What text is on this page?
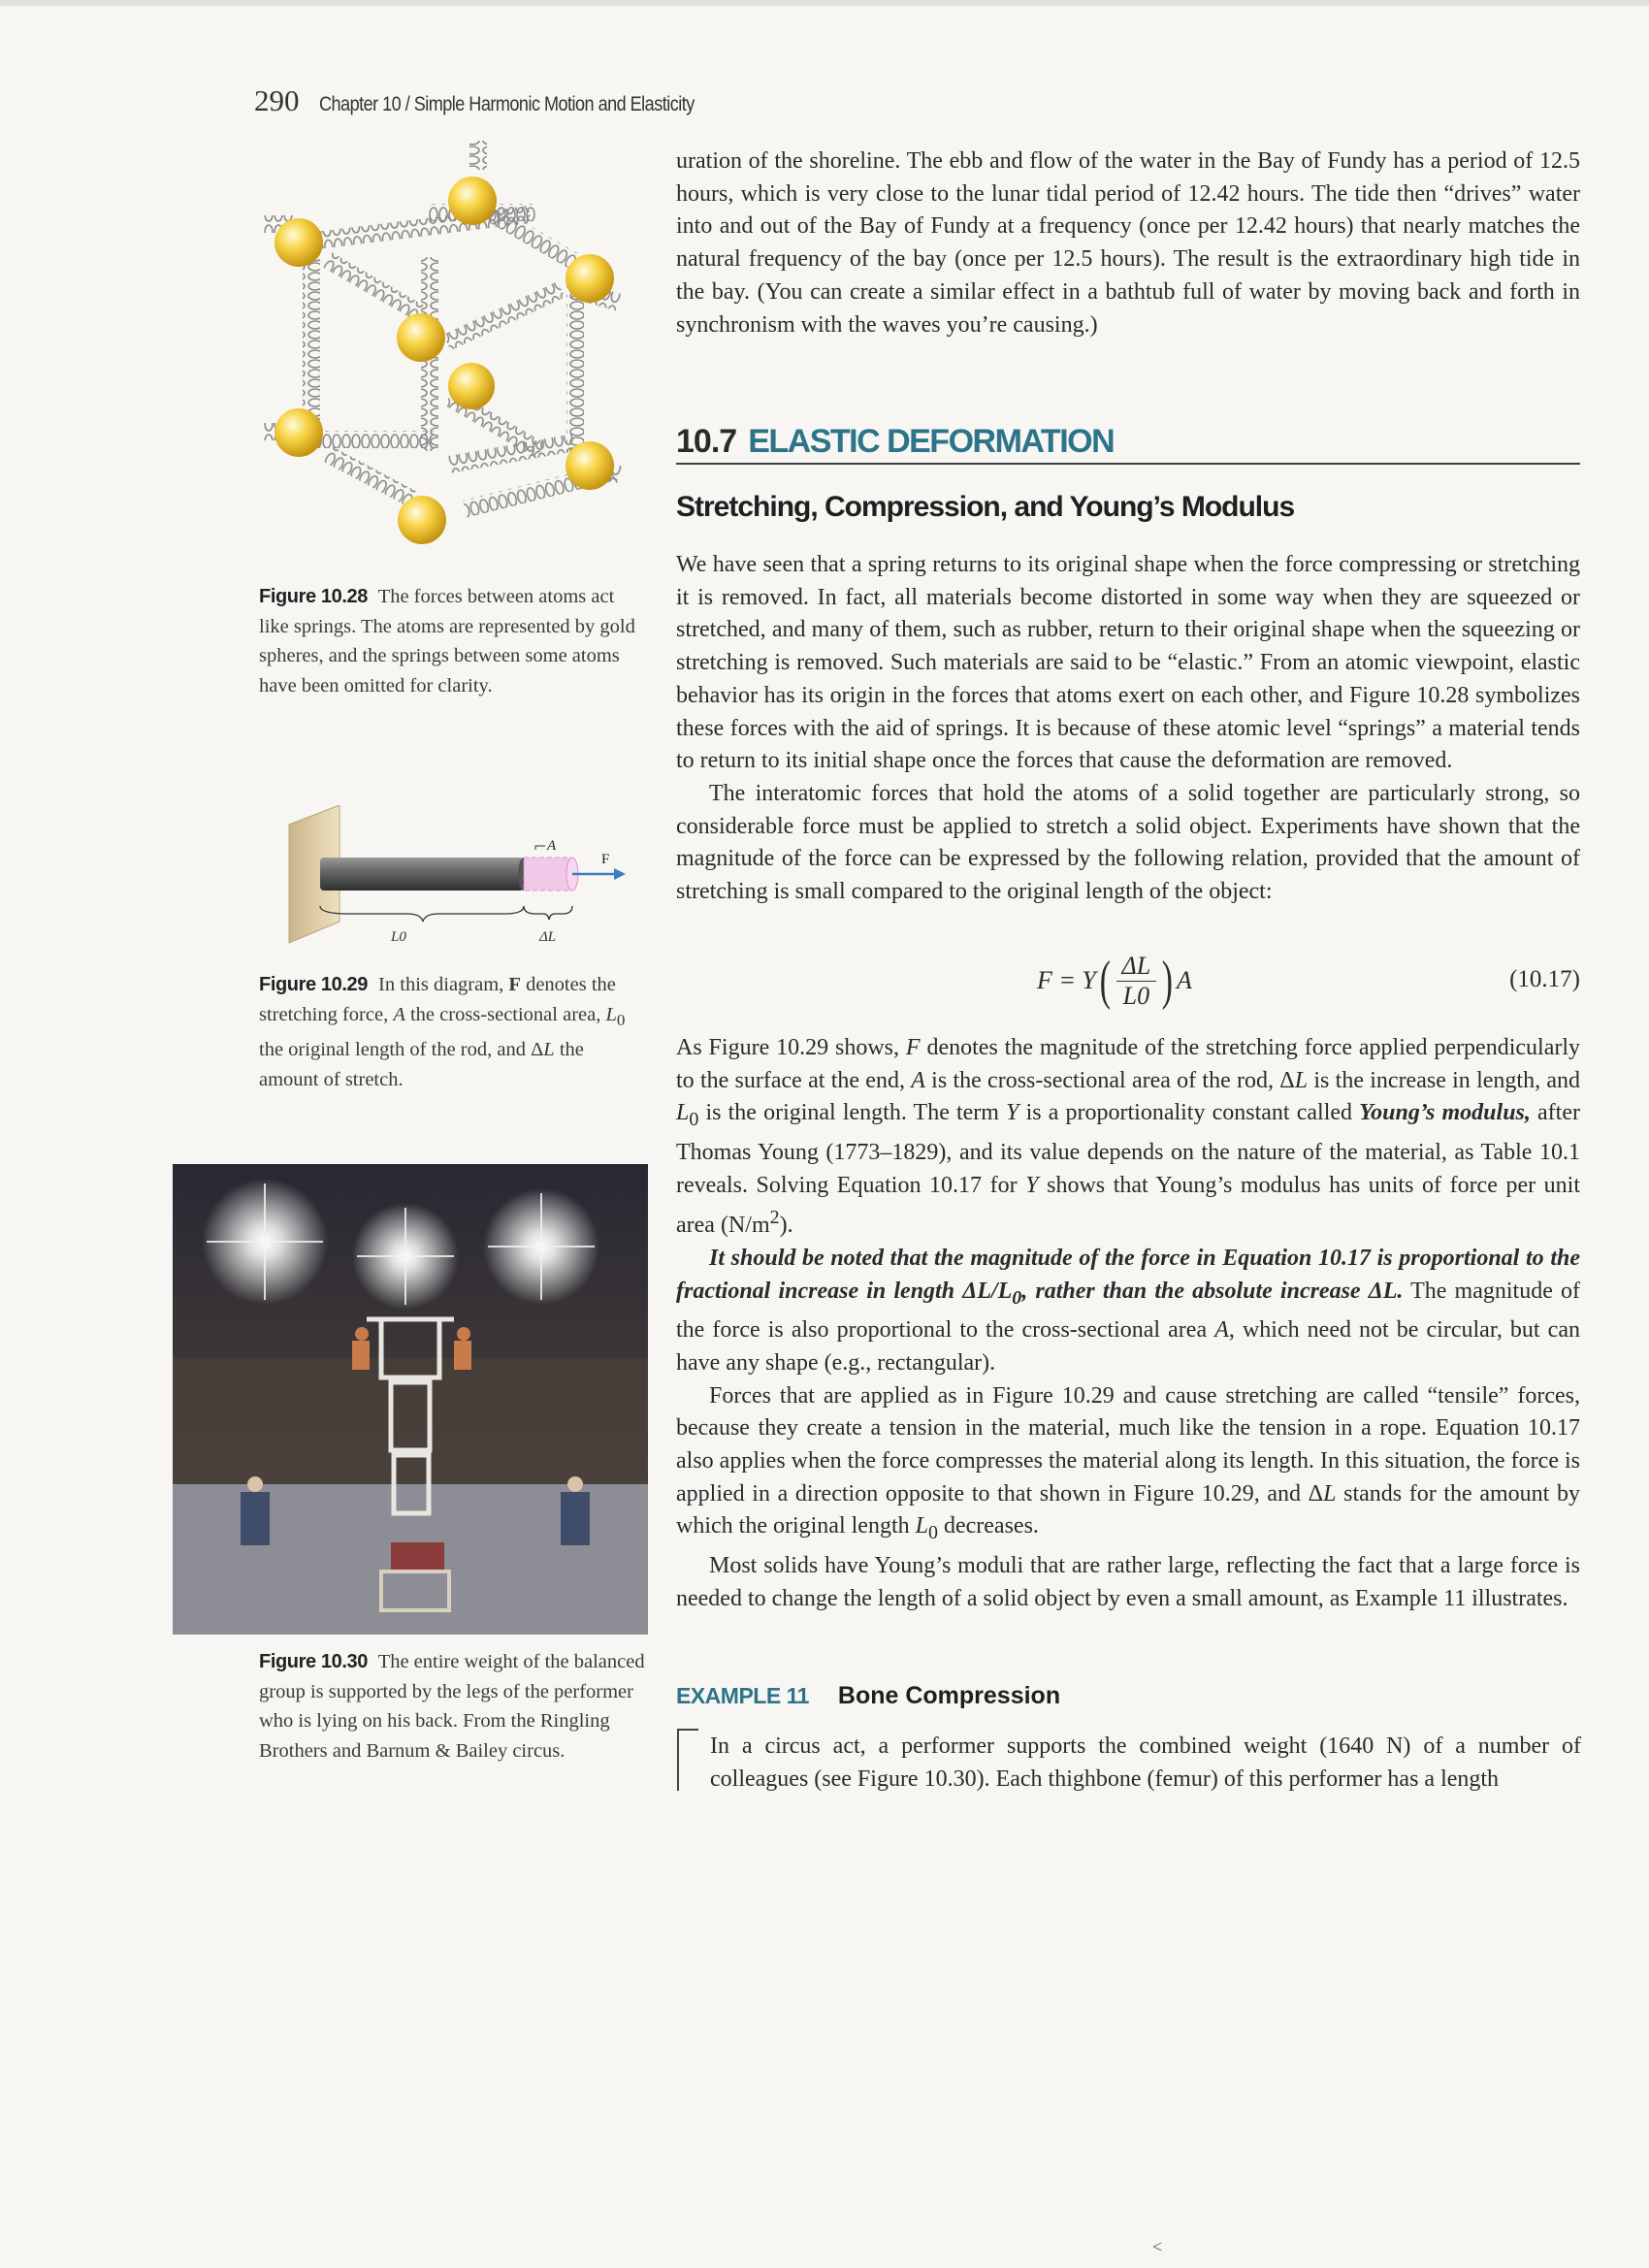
290 Chapter 10 / Simple Harmonic Motion and Elasticity
Figure 10.28 The forces between atoms act like springs. The atoms are represented by gold spheres, and the springs between some atoms have been omitted for clarity.
F
A
L0	ΔL
Figure 10.29 In this diagram, F denotes the stretching force, A the cross-sectional area, $L_0$ the original length of the rod, and ΔL the amount of stretch.
Figure 10.30 The entire weight of the balanced group is supported by the legs of the performer who is lying on his back. From the Ringling Brothers and Barnum & Bailey circus.

uration of the shoreline. The ebb and flow of the water in the Bay of Fundy has a period of 12.5 hours, which is very close to the lunar tidal period of 12.42 hours. The tide then “drives” water into and out of the Bay of Fundy at a frequency (once per 12.42 hours) that nearly matches the natural frequency of the bay (once per 12.5 hours). The result is the extraordinary high tide in the bay. (You can create a similar effect in a bathtub full of water by moving back and forth in synchronism with the waves you’re causing.)

10.7 ELASTIC DEFORMATION
Stretching, Compression, and Young’s Modulus

We have seen that a spring returns to its original shape when the force compressing or stretching it is removed. In fact, all materials become distorted in some way when they are squeezed or stretched, and many of them, such as rubber, return to their original shape when the squeezing or stretching is removed. Such materials are said to be “elastic.” From an atomic viewpoint, elastic behavior has its origin in the forces that atoms exert on each other, and Figure 10.28 symbolizes these forces with the aid of springs. It is because of these atomic level “springs” a material tends to return to its initial shape once the forces that cause the deformation are removed.

The interatomic forces that hold the atoms of a solid together are particularly strong, so considerable force must be applied to stretch a solid object. Experiments have shown that the magnitude of the force can be expressed by the following relation, provided that the amount of stretching is small compared to the original length of the object:

F = Y ( $\frac{\Delta L}{L0}$ ) A	(10.17)

As Figure 10.29 shows, F denotes the magnitude of the stretching force applied perpendicularly to the surface at the end, A is the cross-sectional area of the rod, ΔL is the increase in length, and $L_0$ is the original length. The term Y is a proportionality constant called Young’s modulus, after Thomas Young (1773–1829), and its value depends on the nature of the material, as Table 10.1 reveals. Solving Equation 10.17 for Y shows that Young’s modulus has units of force per unit area $(N/m^2)$.

It should be noted that the magnitude of the force in Equation 10.17 is proportional to the fractional increase in length $\Delta L/L_0$, rather than the absolute increase ΔL. The magnitude of the force is also proportional to the cross-sectional area A, which need not be circular, but can have any shape (e.g., rectangular).

Forces that are applied as in Figure 10.29 and cause stretching are called “tensile” forces, because they create a tension in the material, much like the tension in a rope. Equation 10.17 also applies when the force compresses the material along its length. In this situation, the force is applied in a direction opposite to that shown in Figure 10.29, and ΔL stands for the amount by which the original length $L_0$ decreases.

Most solids have Young’s moduli that are rather large, reflecting the fact that a large force is needed to change the length of a solid object by even a small amount, as Example 11 illustrates.

EXAMPLE 11 Bone Compression

In a circus act, a performer supports the combined weight (1640 N) of a number of colleagues (see Figure 10.30). Each thighbone (femur) of this performer has a length

˂
